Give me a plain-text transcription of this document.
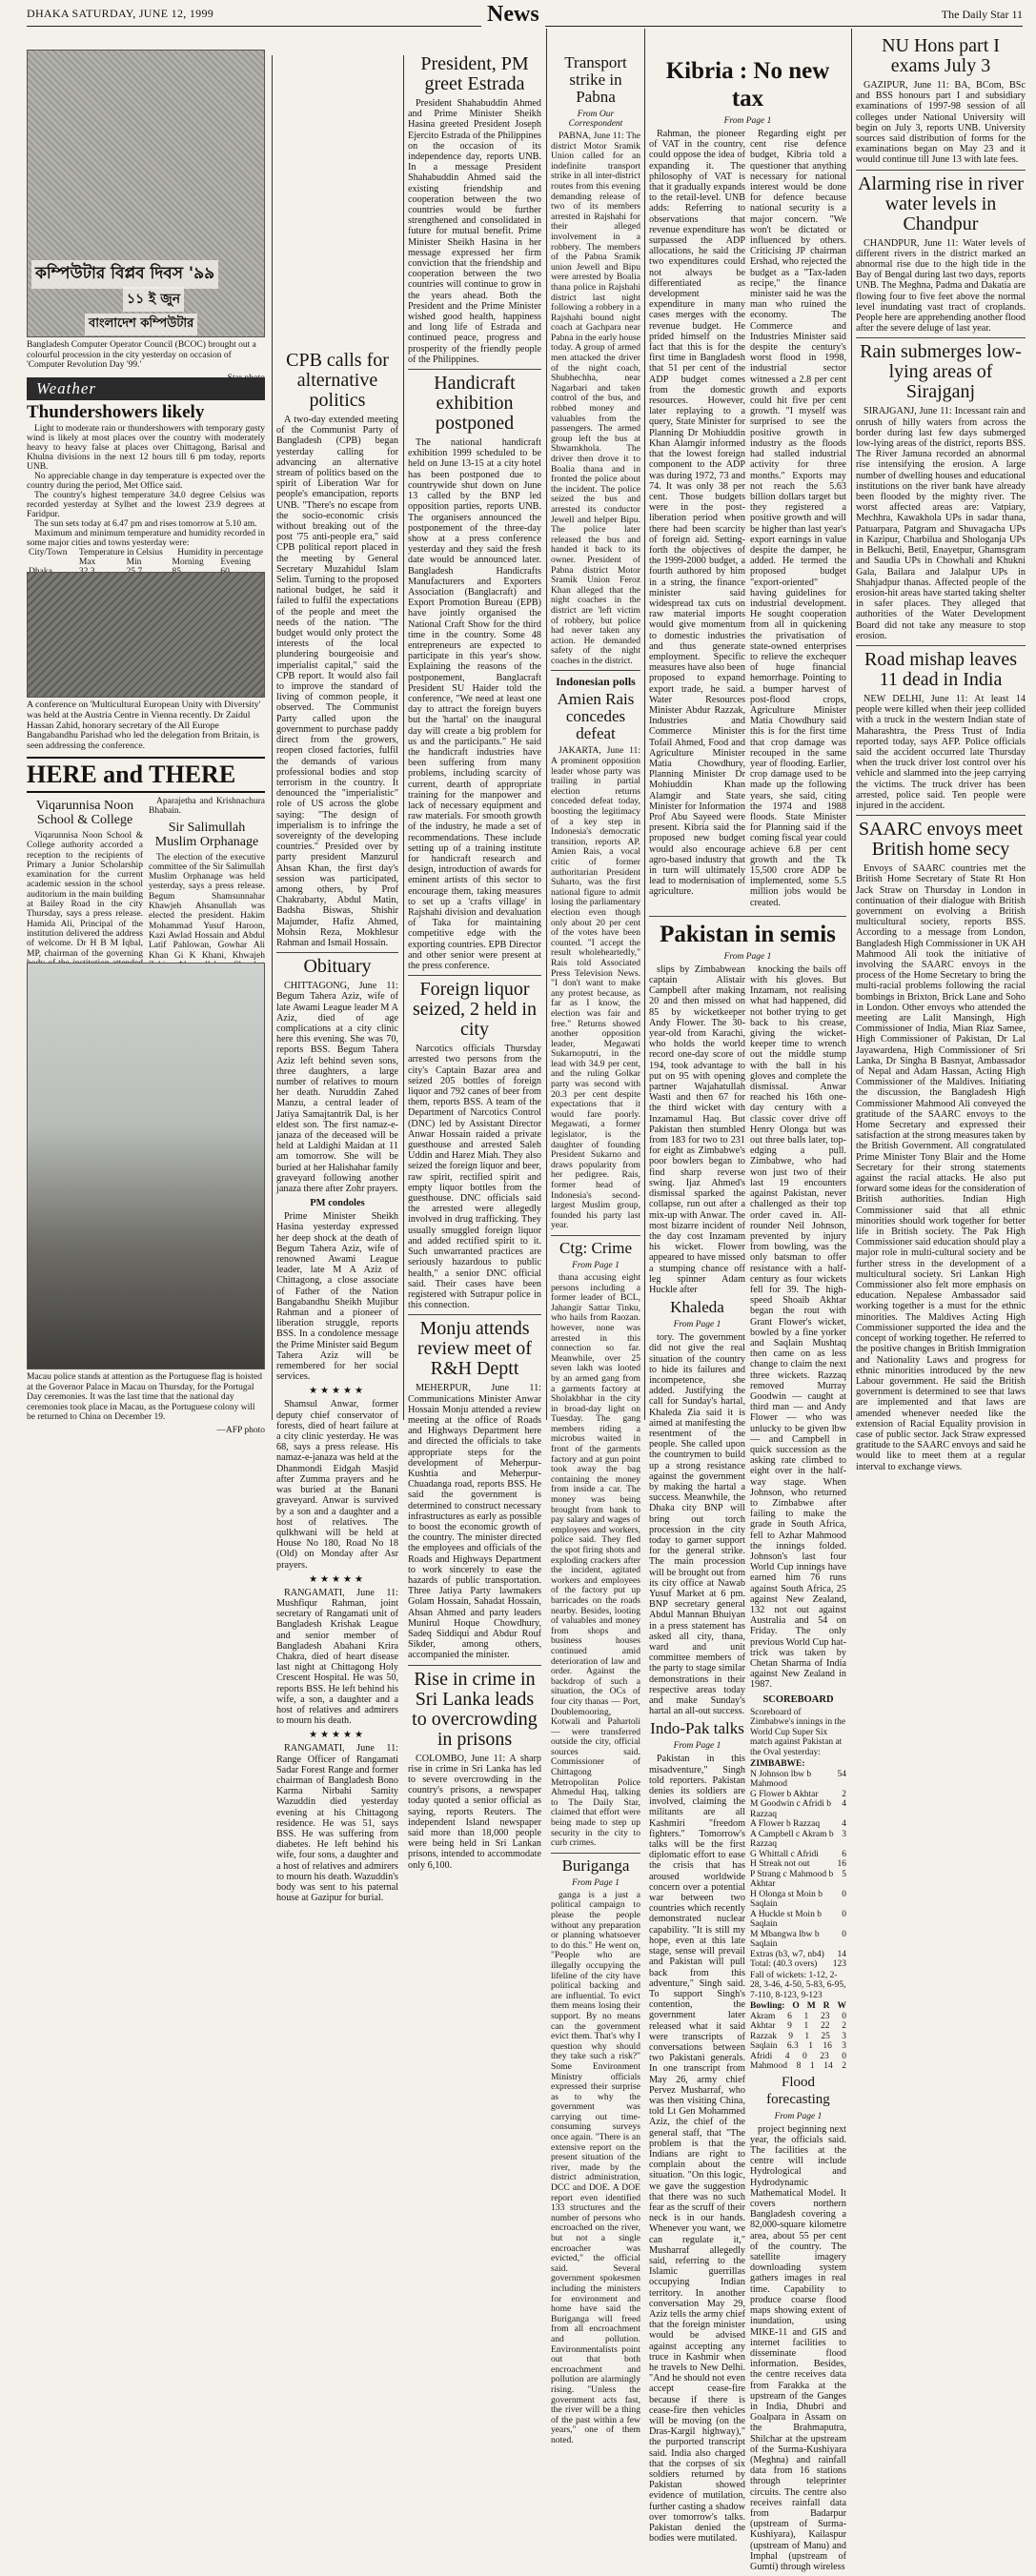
DHAKA SATURDAY, JUNE 12, 1999	News	The Daily Star 11
কম্পিউটার বিপ্লব দিবস '৯৯
১১ ই জুন
বাংলাদেশ কম্পিউটার
Bangladesh Computer Operator Council (BCOC) brought out a colourful procession in the city yesterday on occasion of 'Computer Revolution Day '99.'
Weather
Thundershowers likely
Light to moderate rain or thundershowers with temporary gusty wind is likely at most places over the country with moderately heavy to heavy false at places over Chittagong, Barisal and Khulna divisions in the next 12 hours till 6 pm today, reports UNB.
No appreciable change in day temperature is expected over the country during the period, Met Office said.
The country's highest temperature 34.0 degree Celsius was recorded yesterday at Sylhet and the lowest 23.9 degrees at Faridpur.
The sun sets today at 6.47 pm and rises tomorrow at 5.10 am.
Maximum and minimum temperature and humidity recorded in some major cities and towns yesterday were:
City/Town	Temperature in Celsius		Humidity in percentage	
	Max	Min	Morning	Evening

A conference on 'Multicultural European Unity with Diversity' was held at the Austria Centre in Vienna recently. Dr Zaidul Hassan Zahid, honorary secretary of the All Europe Bangabandhu Parishad who led the delegation from Britain, is seen addressing the conference.
HERE and THERE
Viqarunnisa Noon School & College
Viqarunnisa Noon School & College authority accorded a reception to the recipients of Primary a Junior Scholarship examination for the current academic session in the school auditorium in the main building at Bailey Road in the city Thursday, says a press release. Hamida Ali, Principal of the institution delivered the address of welcome. Dr H B M Iqbal, MP, chairman of the governing
Aparajetha and Krishnachura Bhabain.
Sir Salimullah Muslim Orphanage
The election of the executive committee of the Sir Salimullah Muslim Orphanage was held yesterday, says a press release. Begum Shamsunnahar Khawjeh Ahsanullah was elected the president. Hakim Mohammad Yusuf Haroon, Kazi Awlad Hossain and Abdul Latif Pahlowan, Gowhar Ali Khan Gi K Khani, Khwajeh
Macau police stands at attention as the Portuguese flag is hoisted at the Governor Palace in Macau on Thursday, for the Portugal Day ceremonies. It was the last time that the national day ceremonies took place in Macau, as the Portuguese colony will be returned to China on December 19.
—AFP photo
CPB calls for alternative politics
A two-day extended meeting of the Communist Party of Bangladesh (CPB) began yesterday calling for advancing an alternative stream of politics based on the spirit of Liberation War for people's emancipation, reports UNB. "There's no escape from the socio-economic crisis without breaking out of the post '75 anti-people era," said CPB political report placed in the meeting by General Secretary Muzahidul Islam Selim. Turning to the proposed national budget, he said it failed to fulfil the expectations of the people and meet the needs of the nation. "The budget would only protect the interests of the local plundering bourgeoisie and imperialist capital," said the CPB report. It would also fail to improve the standard of living of common people, it observed. The Communist Party called upon the government to purchase paddy direct from the growers, reopen closed factories, fulfil the demands of various professional bodies and stop terrorism in the country. It denounced the "imperialistic" role of US across the globe saying: "The design of imperialism is to infringe the sovereignty of the developing countries." Presided over by party president Manzurul Ahsan Khan, the first day's session was participated, among others, by Prof Chakrabarty, Abdul Matin, Badsha Biswas, Shishir Majumder, Hafiz Ahmed, Mohsin Reza, Mokhlesur Rahman and Ismail Hossain.
Obituary
CHITTAGONG, June 11: Begum Tahera Aziz, wife of late Awami League leader M A Aziz, died of age complications at a city clinic here this evening. She was 70, reports BSS. Begum Tahera Aziz left behind seven sons, three daughters, a large number of relatives to mourn her death. Nuruddin Zahed Manzu, a central leader of Jatiya Samajtantrik Dal, is her eldest son. The first namaz-e-janaza of the deceased will be held at Laldighi Maidan at 11 am tomorrow. She will be buried at her Halishahar family graveyard following another janaza there after Zohr prayers.
PM condoles
Prime Minister Sheikh Hasina yesterday expressed her deep shock at the death of Begum Tahera Aziz, wife of renowned Awami League leader, late M A Aziz of Chittagong, a close associate of Father of the Nation Bangabandhu Sheikh Mujibur Rahman and a pioneer of liberation struggle, reports BSS. In a condolence message the Prime Minister said Begum Tahera Aziz will be remembered for her social services.
★★★★★
Shamsul Anwar, former deputy chief conservator of forests, died of heart failure at a city clinic yesterday. He was 68, says a press release. His namaz-e-janaza was held at the Dhanmondi Eidgah Masjid after Zumma prayers and he was buried at the Banani graveyard. Anwar is survived by a son and a daughter and a host of relatives. The qulkhwani will be held at House No 180, Road No 18 (Old) on Monday after Asr prayers.
★★★★★
RANGAMATI, June 11: Mushfiqur Rahman, joint secretary of Rangamati unit of Bangladesh Krishak League and senior member of Bangladesh Abahani Krira Chakra, died of heart disease last night at Chittagong Holy Crescent Hospital. He was 50, reports BSS. He left behind his wife, a son, a daughter and a host of relatives and admirers to mourn his death.
★★★★★
RANGAMATI, June 11: Range Officer of Rangamati Sadar Forest Range and former chairman of Bangladesh Bono Karma Nirbahi Samity Wazuddin died yesterday evening at his Chittagong residence. He was 51, says BSS. He was suffering from diabetes. He left behind his wife, four sons, a daughter and a host of relatives and admirers to mourn his death. Wazuddin's body was sent to his paternal house at Gazipur for burial.
President, PM greet Estrada
President Shahabuddin Ahmed and Prime Minister Sheikh Hasina greeted President Joseph Ejercito Estrada of the Philippines on the occasion of its independence day, reports UNB. In a message President Shahabuddin Ahmed said the existing friendship and cooperation between the two countries would be further strengthened and consolidated in future for mutual benefit. Prime Minister Sheikh Hasina in her message expressed her firm conviction that the friendship and cooperation between the two countries will continue to grow in the years ahead. Both the President and the Prime Minister wished good health, happiness and long life of Estrada and continued peace, progress and prosperity of the friendly people of the Philippines.
Handicraft exhibition postponed
The national handicraft exhibition 1999 scheduled to be held on June 13-15 at a city hotel has been postponed due to countrywide shut down on June 13 called by the BNP led opposition parties, reports UNB. The organisers announced the postponement of the three-day show at a press conference yesterday and they said the fresh date would be announced later. Bangladesh Handicrafts Manufacturers and Exporters Association (Banglacraft) and Export Promotion Bureau (EPB) have jointly organised the National Craft Show for the third time in the country. Some 48 entrepreneurs are expected to participate in this year's show. Explaining the reasons of the postponement, Banglacraft President SU Haider told the conference, "We need at least one day to attract the foreign buyers but the 'hartal' on the inaugural day will create a big problem for us and the participants." He said the handicraft industries have been suffering from many problems, including scarcity of current, dearth of appropriate training for the manpower and lack of necessary equipment and raw materials. For smooth growth of the industry, he made a set of recommendations. These include setting up of a training institute for handicraft research and design, introduction of awards for eminent artists of this sector to encourage them, taking measures to set up a 'crafts village' in Rajshahi division and devaluation of Taka for maintaining competitive edge with the exporting countries. EPB Director and other senior were present at the press conference.
Foreign liquor seized, 2 held in city
Narcotics officials Thursday arrested two persons from the city's Captain Bazar area and seized 205 bottles of foreign liquor and 792 canes of beer from them, reports BSS. A team of the Department of Narcotics Control (DNC) led by Assistant Director Anwar Hossain raided a private guesthouse and arrested Saleh Uddin and Harez Miah. They also seized the foreign liquor and beer, raw spirit, rectified spirit and empty liquor bottles from the guesthouse. DNC officials said the arrested were allegedly involved in drug trafficking. They usually smuggled foreign liquor and added rectified spirit to it. Such unwarranted practices are seriously hazardous to public health," a senior DNC official said. Their cases have been registered with Sutrapur police in this connection.
Monju attends review meet of R&H Deptt
MEHERPUR, June 11: Communications Minister Anwar Hossain Monju attended a review meeting at the office of Roads and Highways Department here and directed the officials to take appropriate steps for the development of Meherpur-Kushtia and Meherpur-Chuadanga road, reports BSS. He said the government is determined to construct necessary infrastructures as early as possible to boost the economic growth of the country. The minister directed the employees and officials of the Roads and Highways Department to work sincerely to ease the hazards of public transportation. Three Jatiya Party lawmakers Golam Hossain, Sahadat Hossain, Ahsan Ahmed and party leaders Munirul Hoque Chowdhury, Sadeq Siddiqui and Abdur Rouf Sikder, among others, accompanied the minister.
Rise in crime in Sri Lanka leads to overcrowding in prisons
COLOMBO, June 11: A sharp rise in crime in Sri Lanka has led to severe overcrowding in the country's prisons, a newspaper today quoted a senior official as saying, reports Reuters. The independent Island newspaper said more than 18,000 people were being held in Sri Lankan prisons, intended to accommodate only 6,100.
Transport strike in Pabna
From Our Correspondent
PABNA, June 11: The district Motor Sramik Union called for an indefinite transport strike in all inter-district routes from this evening demanding release of two of its members arrested in Rajshahi for their alleged involvement in a robbery. The members of the Pabna Sramik union Jewell and Bipu were arrested by Boalia thana police in Rajshahi district last night following a robbery in a Rajshahi bound night coach at Gachpara near Pabna in the early house today. A group of armed men attacked the driver of the night coach, Shubhechha, near Nagarbari and taken control of the bus, and robbed money and valuables from the passengers. The armed group left the bus at Shwarnkhola. The driver then drove it to Boalia thana and in fronted the police about the incident. The police seized the bus and arrested its conductor Jewell and helper Bipu. The police later released the bus and handed it back to its owner. President of Pabna district Motor Sramik Union Feroz Khan alleged that the night coaches in the district are 'left victim of robbery, but police had never taken any action. He demanded safety of the night coaches in the district.
Indonesian polls
Amien Rais concedes defeat
JAKARTA, June 11: A prominent opposition leader whose party was trailing in partial election returns conceded defeat today, boosting the legitimacy of a key step in Indonesia's democratic transition, reports AP. Amien Rais, a vocal critic of former authoritarian President Suharto, was the first national figure to admit losing the parliamentary election even though only about 20 per cent of the votes have been counted. "I accept the result wholeheartedly," Rais told Associated Press Television News. "I don't want to make any protest because, as far as I know, the election was fair and free." Returns showed another opposition leader, Megawati Sukarnoputri, in the lead with 34.9 per cent, and the ruling Golkar party was second with 20.3 per cent despite expectations that it would fare poorly. Megawati, a former legislator, is the daughter of founding President Sukarno and draws popularity from her pedigree. Rais, former head of Indonesia's second-largest Muslim group, founded his party last year.
Ctg: Crime
From Page 1
thana accusing eight persons including a former leader of BCL, Jahangir Sattar Tinku, who hails from Raozan. however, none was arrested in this connection so far. Meanwhile, over 25 seven lakh was looted by an armed gang from a garments factory at Sholakbhar in the city in broad-day light on Tuesday. The gang members riding a microbus waited in front of the garments factory and at gun point took away the bag containing the money from inside a car. The money was being brought from bank to pay salary and wages of employees and workers, police said. They fled the spot firing shots and exploding crackers after the incident, agitated workers and employees of the factory put up barricades on the roads nearby. Besides, looting of valuables and money from shops and business houses continued amid deterioration of law and order. Against the backdrop of such a situation, the OCs of four city thanas — Port, Doublemooring, Kotwali and Pahartoli — were transferred outside the city, official sources said. Commissioner of Chittagong Metropolitan Police Ahmedul Huq, talking to The Daily Star, claimed that effort were being made to step up security in the city to curb crimes.
Buriganga
From Page 1
ganga is a just a political campaign to please the people without any preparation or planning whatsoever to do this." He went on, "People who are illegally occupying the lifeline of the city have political backing and are influential. To evict them means losing their support. By no means can the government evict them. That's why I question why should they take such a risk?" Some Environment Ministry officials expressed their surprise as to why the government was carrying out time-consuming surveys once again. "There is an extensive report on the present situation of the river, made by the district administration, DCC and DOE. A DOE report even identified 133 structures and the number of persons who encroached on the river, but not a single encroacher was evicted," the official said. Several government spokesmen including the ministers for environment and home have said the Buriganga will freed from all encroachment and pollution. Environmentalists point out that both encroachment and pollution are alarmingly rising. "Unless the government acts fast, the river will be a thing of the past within a few years," one of them noted.
Kibria : No new tax
From Page 1
Rahman, the pioneer of VAT in the country, could oppose the idea of expanding it. The philosophy of VAT is that it gradually expands to the retail-level. UNB adds: Referring to observations that revenue expenditure has surpassed the ADP allocations, he said the two expenditures could not always be differentiated as development expenditure in many cases merges with the revenue budget. He prided himself on the fact that this is for the first time in Bangladesh that 51 per cent of the ADP budget comes from the domestic resources. However, later replaying to a query, State Minister for Planning Dr Mohiuddin Khan Alamgir informed that the lowest foreign component to the ADP was during 1972, 73 and 74. It was only 38 per cent. Those budgets were in the post-liberation period when there had been scarcity of foreign aid. Setting-forth the objectives of the 1999-2000 budget, a fourth authored by him in a string, the finance minister said widespread tax cuts on raw material imports would give momentum to domestic industries and thus generate employment. Specific measures have also been proposed to expand export trade, he said. Water Resources Minister Abdur Razzak, Industries and Commerce Minister Tofail Ahmed, Food and Agriculture Minister Matia Chowdhury, Planning Minister Dr Mohiuddin Khan Alamgir and State Minister for Information Prof Abu Sayeed were present. Kibria said the proposed new budget would also encourage agro-based industry that in turn will ultimately lead to modernisation of agriculture.
Regarding eight per cent rise defence budget, Kibria told a questioner that anything necessary for national interest would be done for defence because national security is a major concern. "We won't be dictated or influenced by others. Criticising JP chairman Ershad, who rejected the budget as a "Tax-laden recipe," the finance minister said he was the man who ruined the economy. The Commerce and Industries Minister said despite the century's worst flood in 1998, industrial sector witnessed a 2.8 per cent growth and exports could hit five per cent growth. "I myself was surprised to see the positive growth in industry as the floods had stalled industrial activity for three months." Exports may not reach the 5.63 billion dollars target but they registered a positive growth and will be higher than last year's export earnings in value despite the damper, he added. He termed the proposed budget "export-oriented" having guidelines for industrial development. He sought cooperation from all in quickening the privatisation of state-owned enterprises to relieve the exchequer of huge financial hemorrhage. Pointing to a bumper harvest of post-flood crops, Agriculture Minister Matia Chowdhury said this is for the first time that crop damage was recouped in the same year of flooding. Earlier, crop damage used to be made up the following years, she said, citing the 1974 and 1988 floods. State Minister for Planning said if the coming fiscal year could achieve 6.8 per cent growth and the Tk 15,500 crore ADP be implemented, some 5.5 million jobs would be created.
Pakistan in semis
From Page 1
slips by Zimbabwean captain Alistair Campbell after making 20 and then missed on 85 by wicketkeeper Andy Flower. The 30-year-old from Karachi, who holds the world record one-day score of 194, took advantage to put on 95 with opening partner Wajahatullah Wasti and then 67 for the third wicket with Inzamamul Haq. But Pakistan then stumbled from 183 for two to 231 for eight as Zimbabwe's poor bowlers began to find sharp reverse swing. Ijaz Ahmed's dismissal sparked the collapse, run out after a mix-up with Anwar. The most bizarre incident of the day cost Inzamam his wicket. Flower appeared to have missed a stumping chance off leg spinner Adam Huckle after
Khaleda
From Page 1
tory. The government did not give the real situation of the country to hide its failures and incompetence, she added. Justifying the call for Sunday's hartal, Khaleda Zia said it is aimed at manifesting the resentment of the people. She called upon the countrymen to build up a strong resistance against the government by making the hartal a success. Meanwhile, the Dhaka city BNP will bring out torch procession in the city today to garner support for the general strike. The main procession will be brought out from its city office at Nawab Yusuf Market at 6 pm. BNP secretary general Abdul Mannan Bhuiyan in a press statement has asked all city, thana, ward and unit committee members of the party to stage similar demonstrations in their respective areas today and make Sunday's hartal an all-out success.
Indo-Pak talks
From Page 1
Pakistan in this misadventure," Singh told reporters. Pakistan denies its soldiers are involved, claiming the militants are all Kashmiri "freedom fighters." Tomorrow's talks will be the first diplomatic effort to ease the crisis that has aroused worldwide concern over a potential war between two countries which recently demonstrated nuclear capability. "It is still my hope, even at this late stage, sense will prevail and Pakistan will pull back from this adventure," Singh said. To support Singh's contention, the government later released what it said were transcripts of conversations between two Pakistani generals. In one transcript from May 26, army chief Pervez Musharraf, who was then visiting China, told Lt Gen Mohammed Aziz, the chief of the general staff, that "The problem is that the Indians are right to complain about the situation. "On this logic, we gave the suggestion that there was no such fear as the scruff of their neck is in our hands. Whenever you want, we can regulate it," Musharraf allegedly said, referring to the Islamic guerrillas occupying Indian territory. In another conversation May 29, Aziz tells the army chief that the foreign minister would be advised against accepting any truce in Kashmir when he travels to New Delhi. "And he should not even accept cease-fire because if there is cease-fire then vehicles will be moving (on the Dras-Kargil highway)," the purported transcript said. India also charged that the corpses of six soldiers returned by Pakistan showed evidence of mutilation, further casting a shadow over tomorrow's talks. Pakistan denied the bodies were mutilated.
knocking the bails off with his gloves. But Inzamam, not realising what had happened, did not bother trying to get back to his crease, giving the wicket-keeper time to wrench out the middle stump with the ball in his gloves and complete the dismissal. Anwar reached his 16th one-day century with a classic cover drive off Henry Olonga but was out three balls later, top-edging a pull. Zimbabwe, who had won just two of their last 19 encounters against Pakistan, never challenged as their top order caved in. All-rounder Neil Johnson, prevented by injury from bowling, was the only batsman to offer resistance with a half-century as four wickets fell for 39. The high-speed Shoaib Akhtar began the rout with Grant Flower's wicket, bowled by a fine yorker and Saqlain Mushtaq then came on as less change to claim the next three wickets. Razzaq removed Murray Goodwin — caught at third man — and Andy Flower — who was unlucky to be given lbw — and Campbell in quick succession as the asking rate climbed to eight over in the half-way stage. When Johnson, who returned to Zimbabwe after failing to make the grade in South Africa, fell to Azhar Mahmood the innings folded. Johnson's last four World Cup innings have earned him 76 runs against South Africa, 25 against New Zealand, 132 not out against Australia and 54 on Friday. The only previous World Cup hat-trick was taken by Chetan Sharma of India against New Zealand in 1987.
SCOREBOARD

Scoreboard of Zimbabwe's innings in the World Cup Super Six match against Pakistan at the Oval yesterday:

ZIMBABWE:

N Johnson lbw b Mahmood
54
G Flower b Akhtar	2
M Goodwin c Afridi b Razzaq
4
A Flower b Razzaq 4
A Campbell c Akram b Razzaq
3
G Whittall c Afridi	6
H Streak not out	16
P Strang c Mahmood b Akhtar
5
H Olonga st Moin b Saqlain
0
A Huckle st Moin b Saqlain
0
M Mbangwa lbw b Saqlain
0
Extras (b3, w7, nb4) 14
Total: (40.3 overs) 123

Fall of wickets: 1-12, 2-28, 3-46, 4-50, 5-83, 6-95, 7-110, 8-123, 9-123

Bowling: O M R W
Akram 6 1 23 0
Akhtar 9 1 22 2
Razzak 9 1 25 3
Saqlain 6.3 1 16 3
Afridi 4 0 23 0
Mahmood 8 1 14 2
Flood forecasting
From Page 1
project beginning next year, the officials said. The facilities at the centre will include Hydrological and Hydrodynamic Mathematical Model. It covers northern Bangladesh covering a 82,000-square kilometre area, about 55 per cent of the country. The satellite imagery downloading system gathers images in real time. Capability to produce coarse flood maps showing extent of inundation, using MIKE-11 and GIS and internet facilities to disseminate flood information. Besides, the centre receives data from Farakka at the upstream of the Ganges in India, Dhubri and Goalpara in Assam on the Brahmaputra, Shilchar at the upstream of the Surma-Kushiyara (Meghna) and rainfall data from 16 stations through teleprinter circuits. The centre also receives rainfall data from Badarpur (upstream of Surma-Kushiyara), Kailaspur (upstream of Manu) and Imphal (upstream of Gumti) through wireless
NU Hons part I exams July 3
GAZIPUR, June 11: BA, BCom, BSc and BSS honours part I and subsidiary examinations of 1997-98 session of all colleges under National University will begin on July 3, reports UNB. University sources said distribution of forms for the examinations began on May 23 and it would continue till June 13 with late fees.
Alarming rise in river water levels in Chandpur
CHANDPUR, June 11: Water levels of different rivers in the district marked an abnormal rise due to the high tide in the Bay of Bengal during last two days, reports UNB. The Meghna, Padma and Dakatia are flowing four to five feet above the normal level inundating vast tract of croplands. People here are apprehending another flood after the severe deluge of last year.
Rain submerges low-lying areas of Sirajganj
SIRAJGANJ, June 11: Incessant rain and onrush of hilly waters from across the border during last few days submerged low-lying areas of the district, reports BSS. The River Jamuna recorded an abnormal rise intensifying the erosion. A large number of dwelling houses and educational institutions on the river bank have already been flooded by the mighty river. The worst affected areas are: Vatpiary, Mechhra, Kawakhola UPs in sadar thana, Patuarpara, Patgram and Shuvagacha UPs in Kazipur, Charbilua and Shologanja UPs in Belkuchi, Betil, Enayetpur, Ghamsgram and Saudia UPs in Chowhali and Khukni Gala, Bailara and Jalalpur UPs in Shahjadpur thanas. Affected people of the erosion-hit areas have started taking shelter in safer places. They alleged that authorities of the Water Development Board did not take any measure to stop erosion.
Road mishap leaves 11 dead in India
NEW DELHI, June 11: At least 14 people were killed when their jeep collided with a truck in the western Indian state of Maharashtra, the Press Trust of India reported today, says AFP. Police officials said the accident occurred late Thursday when the truck driver lost control over his vehicle and slammed into the jeep carrying the victims. The truck driver has been arrested, police said. Ten people were injured in the accident.
SAARC envoys meet British home secy
Envoys of SAARC countries met the British Home Secretary of State Rt Hon Jack Straw on Thursday in London in continuation of their dialogue with British government on evolving a British multicultural society, reports BSS. According to a message from London, Bangladesh High Commissioner in UK AH Mahmood Ali took the initiative of involving the SAARC envoys in the process of the Home Secretary to bring the multi-racial problems following the racial bombings in Brixton, Brick Lane and Soho in London. Other envoys who attended the meeting are Lalit Mansingh, High Commissioner of India, Mian Riaz Samee, High Commissioner of Pakistan, Dr Lal Jayawardena, High Commissioner of Sri Lanka, Dr Singha B Basnyat, Ambassador of Nepal and Adam Hassan, Acting High Commissioner of the Maldives. Initiating the discussion, the Bangladesh High Commissioner Mahmood Ali conveyed the gratitude of the SAARC envoys to the Home Secretary and expressed their satisfaction at the strong measures taken by the British Government. All congratulated Prime Minister Tony Blair and the Home Secretary for their strong statements against the racial attacks. He also put forward some ideas for the consideration of British authorities. Indian High Commissioner said that all ethnic minorities should work together for better life in British society. The Pak High Commissioner said education should play a major role in multi-cultural society and be further stress in the development of a multicultural society. Sri Lankan High Commissioner also felt more emphasis on education. Nepalese Ambassador said working together is a must for the ethnic minorities. The Maldives Acting High Commissioner supported the idea and the concept of working together. He referred to the positive changes in British Immigration and Nationality Laws and progress for ethnic minorities introduced by the new Labour government. He said the British government is determined to see that laws are implemented and that laws are amended whenever needed like the extension of Racial Equality provision in case of public sector. Jack Straw expressed gratitude to the SAARC envoys and said he would like to meet them at a regular interval to exchange views.
